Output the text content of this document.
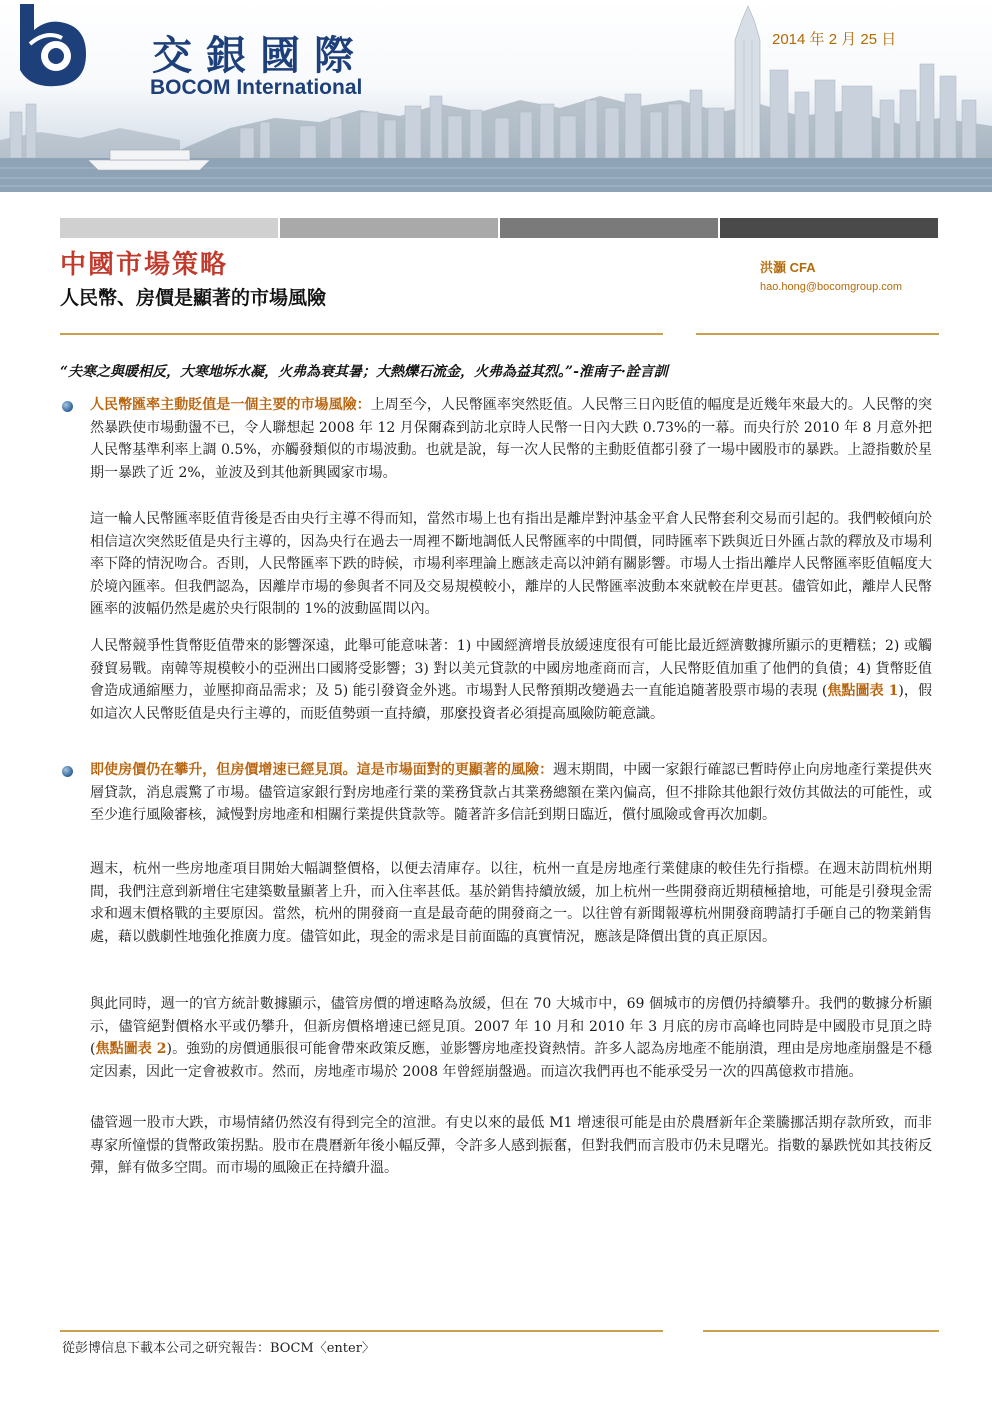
交銀國際
BOCOM International
2014 年 2 月 25 日
中國市場策略
人民幣、房價是顯著的市場風險
洪灝 CFA
hao.hong@bocomgroup.com
“夫寒之與暖相反，大寒地坼水凝，火弗為衰其暑；大熱爍石流金，火弗為益其烈。”-淮南子·詮言訓
人民幣匯率主動貶值是一個主要的市場風險：上周至今，人民幣匯率突然貶值。人民幣三日內貶值的幅度是近幾年來最大的。人民幣的突然暴跌使市場動盪不已，令人聯想起 2008 年 12 月保爾森到訪北京時人民幣一日內大跌 0.73%的一幕。而央行於 2010 年 8 月意外把人民幣基準利率上調 0.5%，亦觸發類似的市場波動。也就是說，每一次人民幣的主動貶值都引發了一場中國股市的暴跌。上證指數於星期一暴跌了近 2%，並波及到其他新興國家市場。
這一輪人民幣匯率貶值背後是否由央行主導不得而知，當然市場上也有指出是離岸對沖基金平倉人民幣套利交易而引起的。我們較傾向於相信這次突然貶值是央行主導的，因為央行在過去一周裡不斷地調低人民幣匯率的中間價，同時匯率下跌與近日外匯占款的釋放及市場利率下降的情況吻合。否則，人民幣匯率下跌的時候，市場利率理論上應該走高以沖銷有關影響。市場人士指出離岸人民幣匯率貶值幅度大於境內匯率。但我們認為，因離岸市場的參與者不同及交易規模較小，離岸的人民幣匯率波動本來就較在岸更甚。儘管如此，離岸人民幣匯率的波幅仍然是處於央行限制的 1%的波動區間以內。
人民幣競爭性貨幣貶值帶來的影響深遠，此舉可能意味著：1) 中國經濟增長放緩速度很有可能比最近經濟數據所顯示的更糟糕；2) 或觸發貿易戰。南韓等規模較小的亞洲出口國將受影響；3) 對以美元貸款的中國房地產商而言，人民幣貶值加重了他們的負債；4) 貨幣貶值會造成通縮壓力，並壓抑商品需求；及 5) 能引發資金外逃。市場對人民幣預期改變過去一直能追隨著股票市場的表現 (焦點圖表 1)，假如這次人民幣貶值是央行主導的，而貶值勢頭一直持續，那麼投資者必須提高風險防範意識。
即使房價仍在攀升，但房價增速已經見頂。這是市場面對的更顯著的風險：週末期間，中國一家銀行確認已暫時停止向房地產行業提供夾層貸款，消息震驚了市場。儘管這家銀行對房地產行業的業務貸款占其業務總額在業內偏高，但不排除其他銀行效仿其做法的可能性，或至少進行風險審核，減慢對房地產和相關行業提供貸款等。隨著許多信託到期日臨近，償付風險或會再次加劇。
週末，杭州一些房地產項目開始大幅調整價格，以便去清庫存。以往，杭州一直是房地產行業健康的較佳先行指標。在週末訪問杭州期間，我們注意到新增住宅建築數量顯著上升，而入住率甚低。基於銷售持續放緩，加上杭州一些開發商近期積極搶地，可能是引發現金需求和週末價格戰的主要原因。當然，杭州的開發商一直是最奇葩的開發商之一。以往曾有新聞報導杭州開發商聘請打手砸自己的物業銷售處，藉以戲劇性地強化推廣力度。儘管如此，現金的需求是目前面臨的真實情況，應該是降價出貨的真正原因。
與此同時，週一的官方統計數據顯示，儘管房價的增速略為放緩，但在 70 大城市中，69 個城市的房價仍持續攀升。我們的數據分析顯示，儘管絕對價格水平或仍攀升，但新房價格增速已經見頂。2007 年 10 月和 2010 年 3 月底的房市高峰也同時是中國股市見頂之時 (焦點圖表 2)。強勁的房價通脹很可能會帶來政策反應，並影響房地產投資熱情。許多人認為房地產不能崩潰，理由是房地產崩盤是不穩定因素，因此一定會被救市。然而，房地產市場於 2008 年曾經崩盤過。而這次我們再也不能承受另一次的四萬億救市措施。
儘管週一股市大跌，市場情緒仍然沒有得到完全的渲泄。有史以來的最低 M1 增速很可能是由於農曆新年企業騰挪活期存款所致，而非專家所憧憬的貨幣政策拐點。股市在農曆新年後小幅反彈，令許多人感到振奮，但對我們而言股市仍未見曙光。指數的暴跌恍如其技術反彈，鮮有做多空間。而市場的風險正在持續升溫。
從彭博信息下載本公司之研究報告：BOCM〈enter〉
